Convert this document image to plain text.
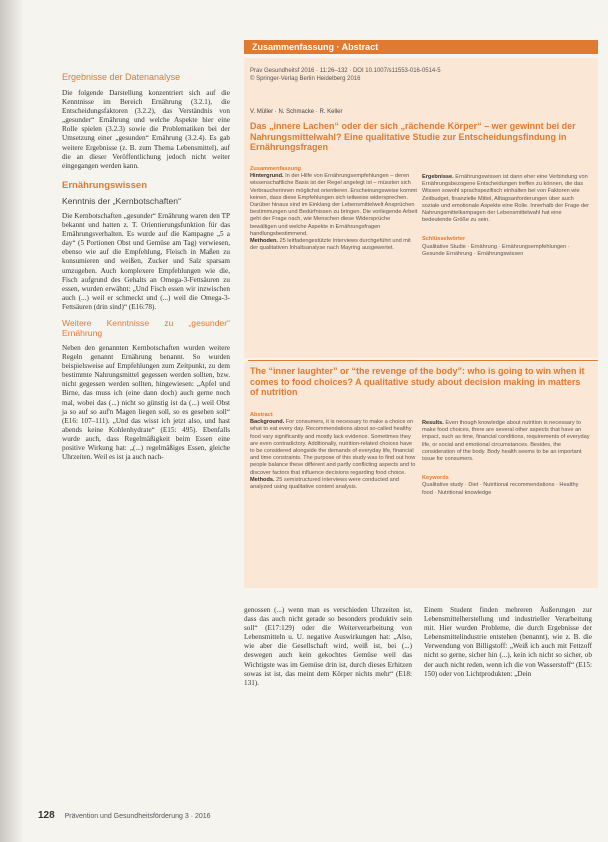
Zusammenfassung · Abstract
Ergebnisse der Datenanalyse

Die folgende Darstellung konzentriert sich auf die Kenntnisse im Bereich Ernährung (3.2.1), die Entscheidungsfaktoren (3.2.2), das Verständnis von „gesunder“ Ernährung und welche Aspekte hier eine Rolle spielen (3.2.3) sowie die Problematiken bei der Umsetzung einer „gesunden“ Ernährung (3.2.4). Es gab weitere Ergebnisse (z. B. zum Thema Lebensmittel), auf die an dieser Veröffentlichung jedoch nicht weiter eingegangen werden kann.

Ernährungswissen
Kenntnis der „Kernbotschaften“

Die Kernbotschaften „gesunder“ Ernährung waren den TP bekannt und hatten z. T. Orientierungsfunktion für das Ernährungsverhalten. Es wurde auf die Kampagne „5 a day“ (5 Portionen Obst und Gemüse am Tag) verwiesen, ebenso wie auf die Empfehlung, Fleisch in Maßen zu konsumieren und weißen, Zucker und Salz sparsam umzugehen. Auch komplexere Empfehlungen wie die, Fisch aufgrund des Gehalts an Omega-3-Fettsäuren zu essen, wurden erwähnt: „Und Fisch essen wir inzwischen auch (...) weil er schmeckt und (...) weil die Omega-3-Fettsäuren (drin sind)“ (E16:78).

Weitere Kenntnisse zu „gesunder“ Ernährung

Neben den genannten Kernbotschaften wurden weitere Regeln genannt Ernährung benannt. So wurden beispielsweise auf Empfehlungen zum Zeitpunkt, zu dem bestimmte Nahrungsmittel gegessen werden sollten, bzw. nicht gegessen werden sollten, hingewiesen: „Apfel und Birne, das muss ich (eine dann doch) auch gerne noch mal, wobei das (...) nicht so günstig ist da (...) weil Obst ja so auf so auf'n Magen liegen soll, so es gesehen soll“ (E16: 107–111). „Und das wisst ich jetzt also, und hast abends keine Kohlenhydrate“ (E15: 495). Ebenfalls wurde auch, dass Regelmäßigkeit beim Essen eine positive Wirkung hat: „(...) regelmäßiges Essen, gleiche Uhrzeiten. Weil es ist ja auch nach-

Prav Gesundheitsf 2016 · 11:26–132 · DOI 10.1007/s11553-016-0514-5
© Springer-Verlag Berlin Heidelberg 2016
V. Müller · N. Schmacke · R. Keller
Das „innere Lachen“ oder der sich „rächende Körper“ – wer gewinnt bei der Nahrungsmittelwahl? Eine qualitative Studie zur Entscheidungsfindung in Ernährungsfragen
Zusammenfassung
Hintergrund. In der Hilfe von Ernährungsempfehlungen – deren wissenschaftliche Basis ist der Regel angelegt ist – müssten sich Verbraucherinnen möglichst orientieren. Erscheinungsweise kommt keinen, dass diese Empfehlungen sich teilweise widersprechen. Darüber hinaus sind im Einklang der Lebensmittelwelt Ansprüchen bestimmungen und Bedürfnissen zu bringen. Die vorliegende Arbeit geht der Frage nach, wie Menschen diese Widersprüche bewältigen und welche Aspekte in Ernährungsfragen handlungsbestimmend.
Methoden. 25 leitfadengestützte Interviews durchgeführt und mit der qualitativen Inhaltsanalyse nach Mayring ausgewertet.
Ergebnisse. Ernährungswissen ist dann eher eine Verbindung von Ernährungsbezogene Entscheidungen treffen zu können, die das Wissen sowohl sprachspezifisch einhalten bei von Faktoren wie Zeitbudget, finanzielle Mittel, Alltagsanforderungen über auch soziale und emotionale Aspekte eine Rolle. Innerhalb der Frage der Nahrungsmittelkampagen der Lebensmittelwahl hat eine bedeutende Größe zu sein.
Schlüsselwörter
Qualitative Studie · Ernährung · Ernährungsempfehlungen · Gesunde Ernährung · Ernährungswissen
The “inner laughter” or “the revenge of the body”: who is going to win when it comes to food choices? A qualitative study about decision making in matters of nutrition
Abstract
Background. For consumers, it is necessary to make a choice on what to eat every day. Recommendations about so-called healthy food vary significantly and mostly lack evidence. Sometimes they are even contradictory. Additionally, nutrition-related choices have to be considered alongside the demands of everyday life, financial and time constraints. The purpose of this study was to find out how people balance these different and partly conflicting aspects and to discover factors that influence decisions regarding food choice.
Methods. 25 semistructured interviews were conducted and analyzed using qualitative content analysis.
Results. Even though knowledge about nutrition is necessary to make food choices, there are several other aspects that have an impact, such as time, financial conditions, requirements of everyday life, or social and emotional circumstances. Besides, the consideration of the body. Body health seems to be an important issue for consumers.
Keywords
Qualitative study · Diet · Nutritional recommendations · Healthy food · Nutritional knowledge

genossen (...) wenn man es verschieden Uhrzeiten ist, dass das auch nicht gerade so besonders produktiv sein soll“ (E17:129) oder die Weiterverarbeitung von Lebensmitteln u. U. negative Auswirkungen hat: „Also, wie aber die Gesellschaft wird, weiß ist, bei (...) deswegen auch kein gekochtes Gemüse weil das Wichtigste was im Gemüse drin ist, durch dieses Erhitzen sowas ist ist, das meint dem Körper nichts mehr“ (E18: 131).

Einem Student finden mehreren Äußerungen zur Lebensmittelherstellung und industrieller Verarbeitung mit. Hier wurden Probleme, die durch Ergebnisse der Lebensmittelindustrie entstehen (benannt), wie z. B. die Verwendung von Billigstoff: „Weiß ich auch mit Fettzoff nicht so gerne, sicher hin (...), kein ich nicht so sicher, ob der auch nicht reden, wenn ich die von Wasserstoff“ (E15: 150) oder von Lichtprodukten: „Dein

128 Prävention und Gesundheitsförderung 3 · 2016
